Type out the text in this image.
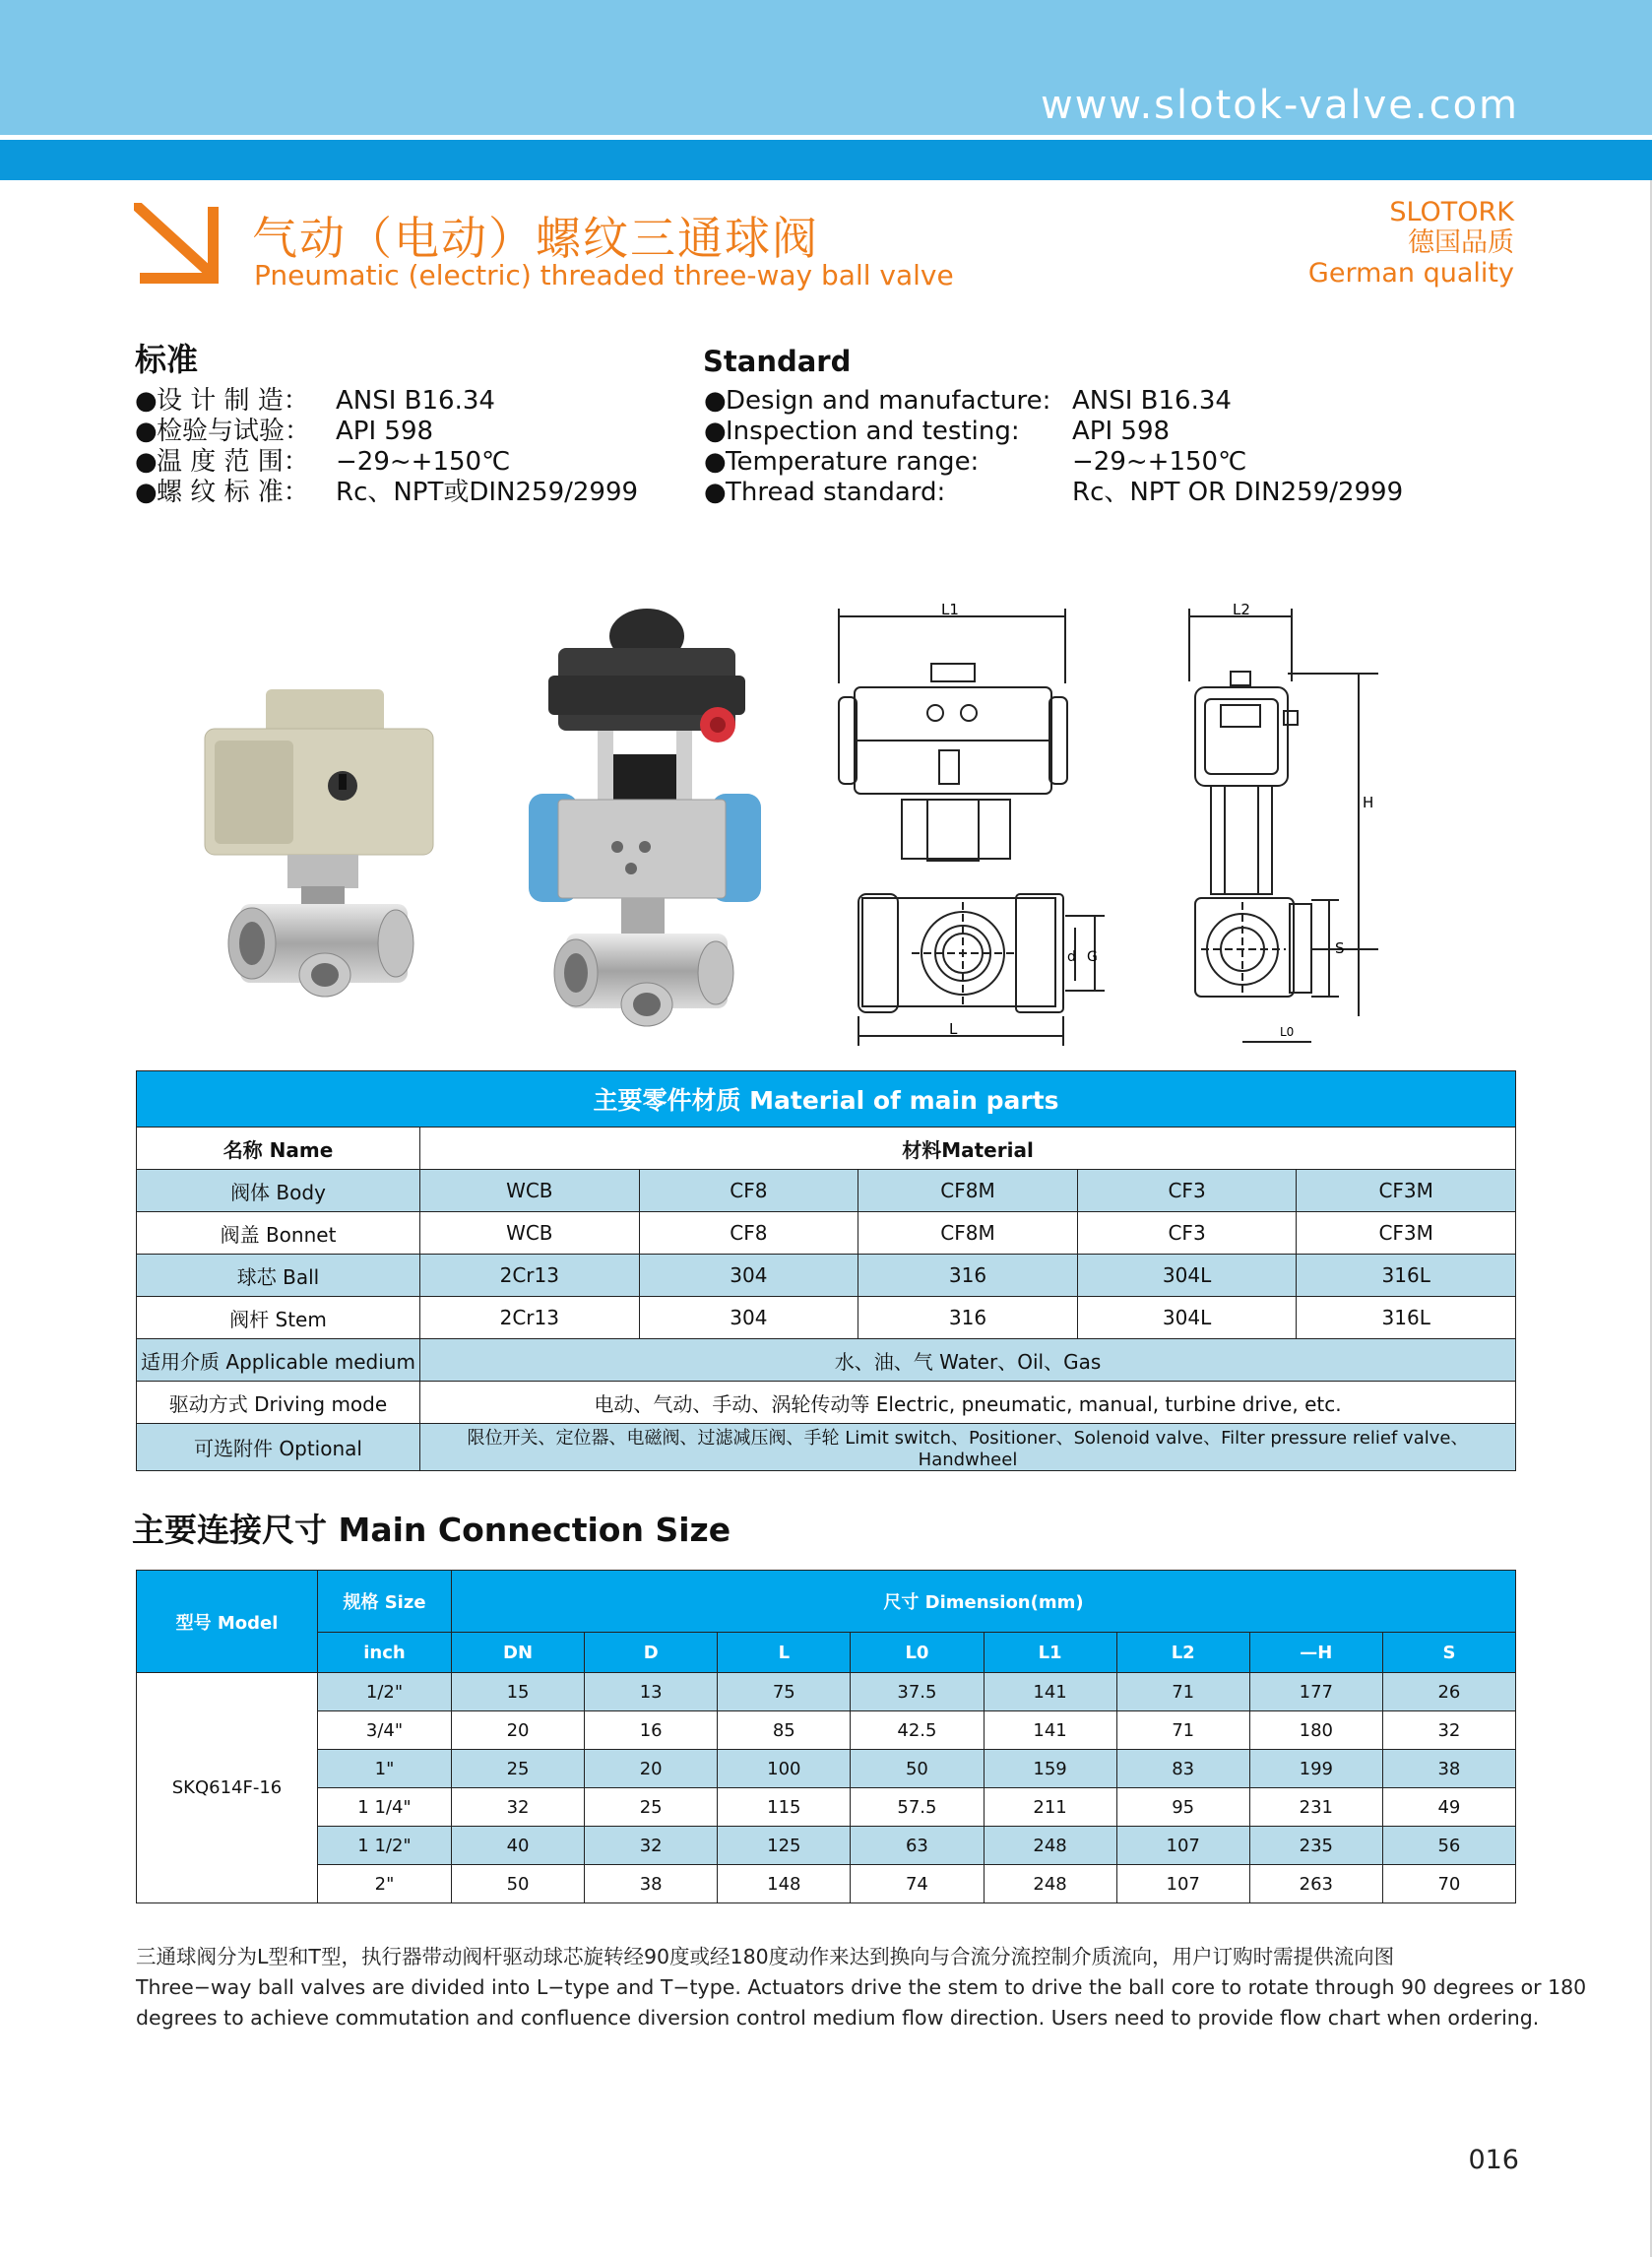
www.slotok-valve.com
气动（电动）螺纹三通球阀
Pneumatic (electric) threaded three-way ball valve
SLOTORK
德国品质
German quality
标准	Standard
● 设 计 制 造：	ANSI B16.34
● 检验与试验： API 598
● 温 度 范 围：	−29~+150℃
● 螺 纹 标 准：	Rc、NPT或DIN259/2999
● Design and manufacture: ANSI B16.34
● Inspection and testing:	API 598
● Temperature range:	−29~+150℃
● Thread standard:	Rc、NPT OR DIN259/2999
L1
L
d G
L2
H
S
L0
主要零件材质 Material of main parts					
名称 Name	材料Material				
阀体 Body	WCB	CF8	CF8M	CF3	CF3M
阀盖 Bonnet	WCB	CF8	CF8M	CF3	CF3M
球芯 Ball	2Cr13	304	316	304L	316L
阀杆 Stem	2Cr13	304	316	304L	316L
适用介质 Applicable medium	水、油、气 Water、Oil、Gas				
驱动方式 Driving mode	电动、气动、手动、涡轮传动等 Electric, pneumatic, manual, turbine drive, etc.				
可选附件 Optional	限位开关、定位器、电磁阀、过滤减压阀、手轮 Limit switch、Positioner、Solenoid valve、Filter pressure relief valve、Handwheel				
主要连接尺寸 Main Connection Size
型号 Model	规格 Size	尺寸 Dimension(mm)							
	inch	DN	D	L	L0	L1	L2	—H	S
SKQ614F-16	1/2"	15	13	75	37.5	141	71	177	26
	3/4"	20	16	85	42.5	141	71	180	32
	1"	25	20	100	50	159	83	199	38
	1 1/4"	32	25	115	57.5	211	95	231	49
	1 1/2"	40	32	125	63	248	107	235	56
	2"	50	38	148	74	248	107	263	70
三通球阀分为L型和T型，执行器带动阀杆驱动球芯旋转经90度或经180度动作来达到换向与合流分流控制介质流向，用户订购时需提供流向图
Three−way ball valves are divided into L−type and T−type. Actuators drive the stem to drive the ball core to rotate through 90 degrees or 180
degrees to achieve commutation and confluence diversion control medium flow direction. Users need to provide flow chart when ordering.
016
